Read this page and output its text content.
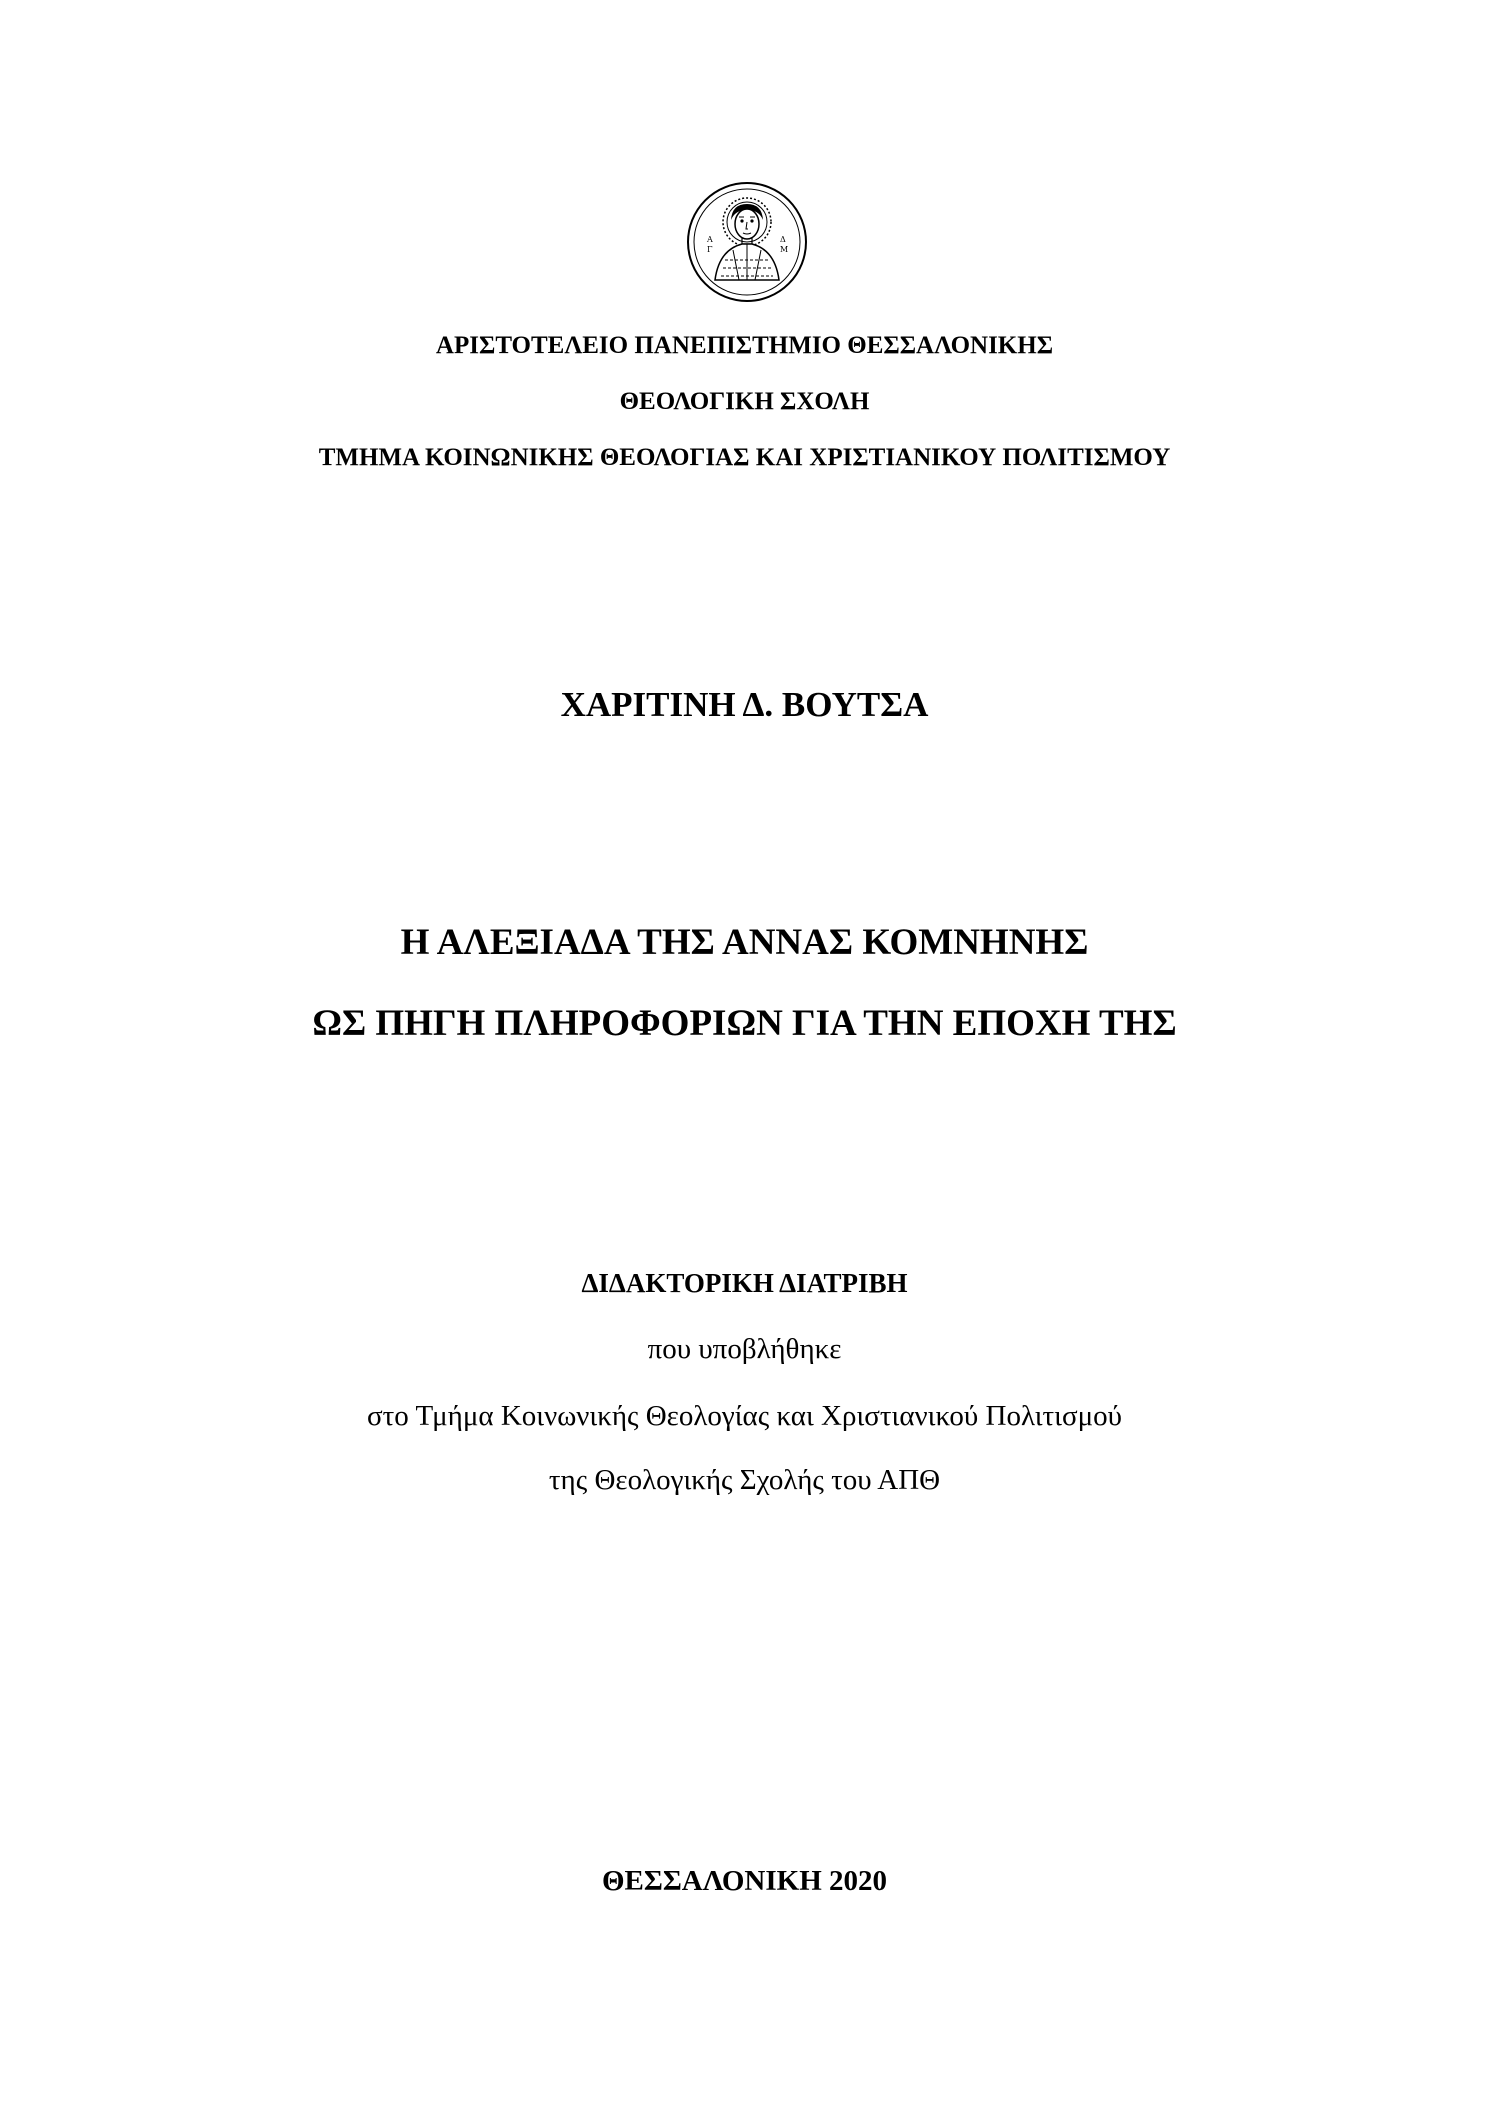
Α
Γ
Δ
Μ
ΑΡΙΣΤΟΤΕΛΕΙΟ ΠΑΝΕΠΙΣΤΗΜΙΟ ΘΕΣΣΑΛΟΝΙΚΗΣ
ΘΕΟΛΟΓΙΚΗ ΣΧΟΛΗ
ΤΜΗΜΑ ΚΟΙΝΩΝΙΚΗΣ ΘΕΟΛΟΓΙΑΣ ΚΑΙ ΧΡΙΣΤΙΑΝΙΚΟΥ ΠΟΛΙΤΙΣΜΟΥ
ΧΑΡΙΤΙΝΗ Δ. ΒΟΥΤΣΑ
Η ΑΛΕΞΙΑΔΑ ΤΗΣ ΑΝΝΑΣ ΚΟΜΝΗΝΗΣ
ΩΣ ΠΗΓΗ ΠΛΗΡΟΦΟΡΙΩΝ ΓΙΑ ΤΗΝ ΕΠΟΧΗ ΤΗΣ
ΔΙΔΑΚΤΟΡΙΚΗ ΔΙΑΤΡΙΒΗ
που υποβλήθηκε
στο Τμήμα Κοινωνικής Θεολογίας και Χριστιανικού Πολιτισμού
της Θεολογικής Σχολής του ΑΠΘ
ΘΕΣΣΑΛΟΝΙΚΗ 2020
